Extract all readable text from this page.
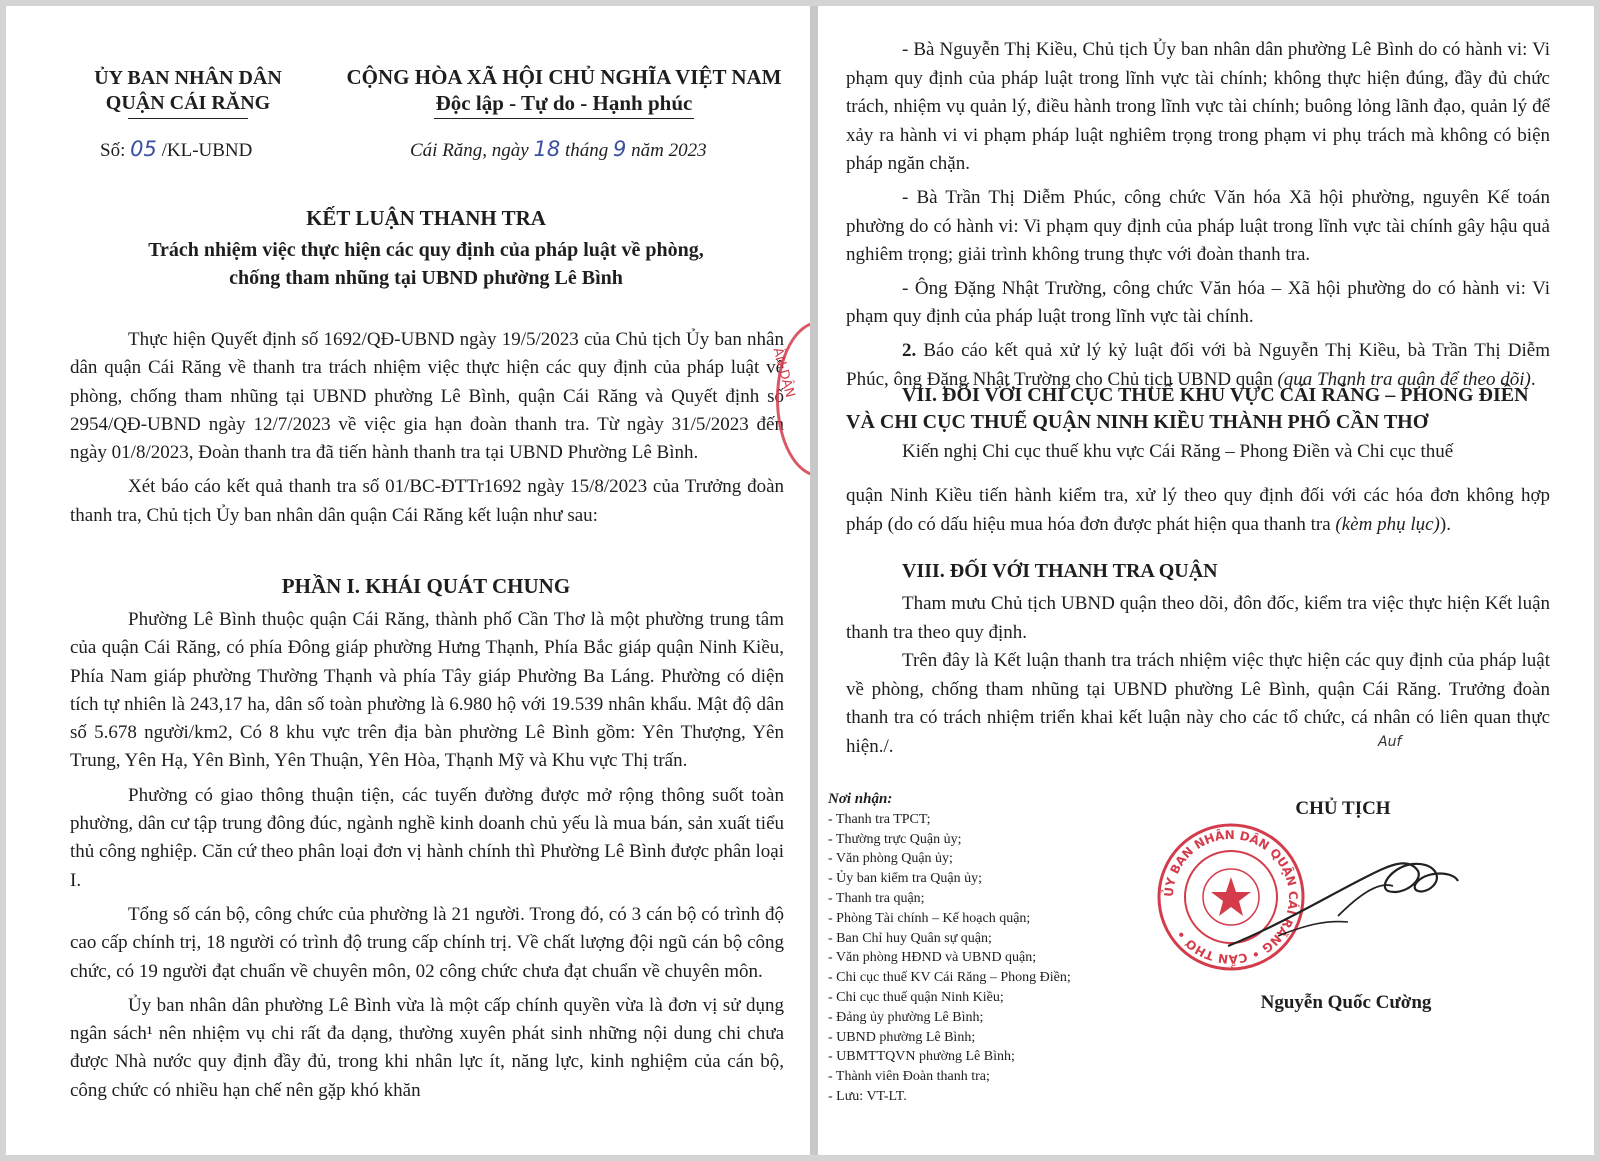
ỦY BAN NHÂN DÂN
QUẬN CÁI RĂNG
CỘNG HÒA XÃ HỘI CHỦ NGHĨA VIỆT NAM
Độc lập - Tự do - Hạnh phúc
Số: 05 /KL-UBND	Cái Răng, ngày 18 tháng 9 năm 2023
KẾT LUẬN THANH TRA
Trách nhiệm việc thực hiện các quy định của pháp luật về phòng,
chống tham nhũng tại UBND phường Lê Bình

Thực hiện Quyết định số 1692/QĐ-UBND ngày 19/5/2023 của Chủ tịch Ủy ban nhân dân quận Cái Răng về thanh tra trách nhiệm việc thực hiện các quy định của pháp luật về phòng, chống tham nhũng tại UBND phường Lê Bình, quận Cái Răng và Quyết định số 2954/QĐ-UBND ngày 12/7/2023 về việc gia hạn đoàn thanh tra. Từ ngày 31/5/2023 đến ngày 01/8/2023, Đoàn thanh tra đã tiến hành thanh tra tại UBND Phường Lê Bình.

Xét báo cáo kết quả thanh tra số 01/BC-ĐTTr1692 ngày 15/8/2023 của Trưởng đoàn thanh tra, Chủ tịch Ủy ban nhân dân quận Cái Răng kết luận như sau:

PHẦN I. KHÁI QUÁT CHUNG

Phường Lê Bình thuộc quận Cái Răng, thành phố Cần Thơ là một phường trung tâm của quận Cái Răng, có phía Đông giáp phường Hưng Thạnh, Phía Bắc giáp quận Ninh Kiều, Phía Nam giáp phường Thường Thạnh và phía Tây giáp Phường Ba Láng. Phường có diện tích tự nhiên là 243,17 ha, dân số toàn phường là 6.980 hộ với 19.539 nhân khẩu. Mật độ dân số 5.678 người/km2, Có 8 khu vực trên địa bàn phường Lê Bình gồm: Yên Thượng, Yên Trung, Yên Hạ, Yên Bình, Yên Thuận, Yên Hòa, Thạnh Mỹ và Khu vực Thị trấn.

Phường có giao thông thuận tiện, các tuyến đường được mở rộng thông suốt toàn phường, dân cư tập trung đông đúc, ngành nghề kinh doanh chủ yếu là mua bán, sản xuất tiểu thủ công nghiệp. Căn cứ theo phân loại đơn vị hành chính thì Phường Lê Bình được phân loại I.

Tổng số cán bộ, công chức của phường là 21 người. Trong đó, có 3 cán bộ có trình độ cao cấp chính trị, 18 người có trình độ trung cấp chính trị. Về chất lượng đội ngũ cán bộ công chức, có 19 người đạt chuẩn về chuyên môn, 02 công chức chưa đạt chuẩn về chuyên môn.

Ủy ban nhân dân phường Lê Bình vừa là một cấp chính quyền vừa là đơn vị sử dụng ngân sách¹ nên nhiệm vụ chi rất đa dạng, thường xuyên phát sinh những nội dung chi chưa được Nhà nước quy định đầy đủ, trong khi nhân lực ít, năng lực, kinh nghiệm của cán bộ, công chức có nhiều hạn chế nên gặp khó khăn

ÂN DÂN

- Bà Nguyễn Thị Kiều, Chủ tịch Ủy ban nhân dân phường Lê Bình do có hành vi: Vi phạm quy định của pháp luật trong lĩnh vực tài chính; không thực hiện đúng, đầy đủ chức trách, nhiệm vụ quản lý, điều hành trong lĩnh vực tài chính; buông lỏng lãnh đạo, quản lý để xảy ra hành vi vi phạm pháp luật nghiêm trọng trong phạm vi phụ trách mà không có biện pháp ngăn chặn.

- Bà Trần Thị Diễm Phúc, công chức Văn hóa Xã hội phường, nguyên Kế toán phường do có hành vi: Vi phạm quy định của pháp luật trong lĩnh vực tài chính gây hậu quả nghiêm trọng; giải trình không trung thực với đoàn thanh tra.

- Ông Đặng Nhật Trường, công chức Văn hóa – Xã hội phường do có hành vi: Vi phạm quy định của pháp luật trong lĩnh vực tài chính.

2. Báo cáo kết quả xử lý kỷ luật đối với bà Nguyễn Thị Kiều, bà Trần Thị Diễm Phúc, ông Đặng Nhật Trường cho Chủ tịch UBND quận (qua Thanh tra quận để theo dõi).

VII. ĐỐI VỚI CHI CỤC THUẾ KHU VỰC CÁI RĂNG – PHONG ĐIỀN VÀ CHI CỤC THUẾ QUẬN NINH KIỀU THÀNH PHỐ CẦN THƠ

Kiến nghị Chi cục thuế khu vực Cái Răng – Phong Điền và Chi cục thuế

quận Ninh Kiều tiến hành kiểm tra, xử lý theo quy định đối với các hóa đơn không hợp pháp (do có dấu hiệu mua hóa đơn được phát hiện qua thanh tra (kèm phụ lục)).

VIII. ĐỐI VỚI THANH TRA QUẬN

Tham mưu Chủ tịch UBND quận theo dõi, đôn đốc, kiểm tra việc thực hiện Kết luận thanh tra theo quy định.

Trên đây là Kết luận thanh tra trách nhiệm việc thực hiện các quy định của pháp luật về phòng, chống tham nhũng tại UBND phường Lê Bình, quận Cái Răng. Trưởng đoàn thanh tra có trách nhiệm triển khai kết luận này cho các tổ chức, cá nhân có liên quan thực hiện./.	Auf
Nơi nhận:
- Thanh tra TPCT;
- Thường trực Quận ủy;
- Văn phòng Quận ủy;
- Ủy ban kiểm tra Quận ủy;
- Thanh tra quận;
- Phòng Tài chính – Kế hoạch quận;
- Ban Chỉ huy Quân sự quận;
- Văn phòng HĐND và UBND quận;
- Chi cục thuế KV Cái Răng – Phong Điền;
- Chi cục thuế quận Ninh Kiều;
- Đảng ủy phường Lê Bình;
- UBND phường Lê Bình;
- UBMTTQVN phường Lê Bình;
- Thành viên Đoàn thanh tra;
- Lưu: VT-LT.
CHỦ TỊCH
ỦY BAN NHÂN DÂN QUẬN CÁI RĂNG • CẦN THƠ •
Nguyễn Quốc Cường
